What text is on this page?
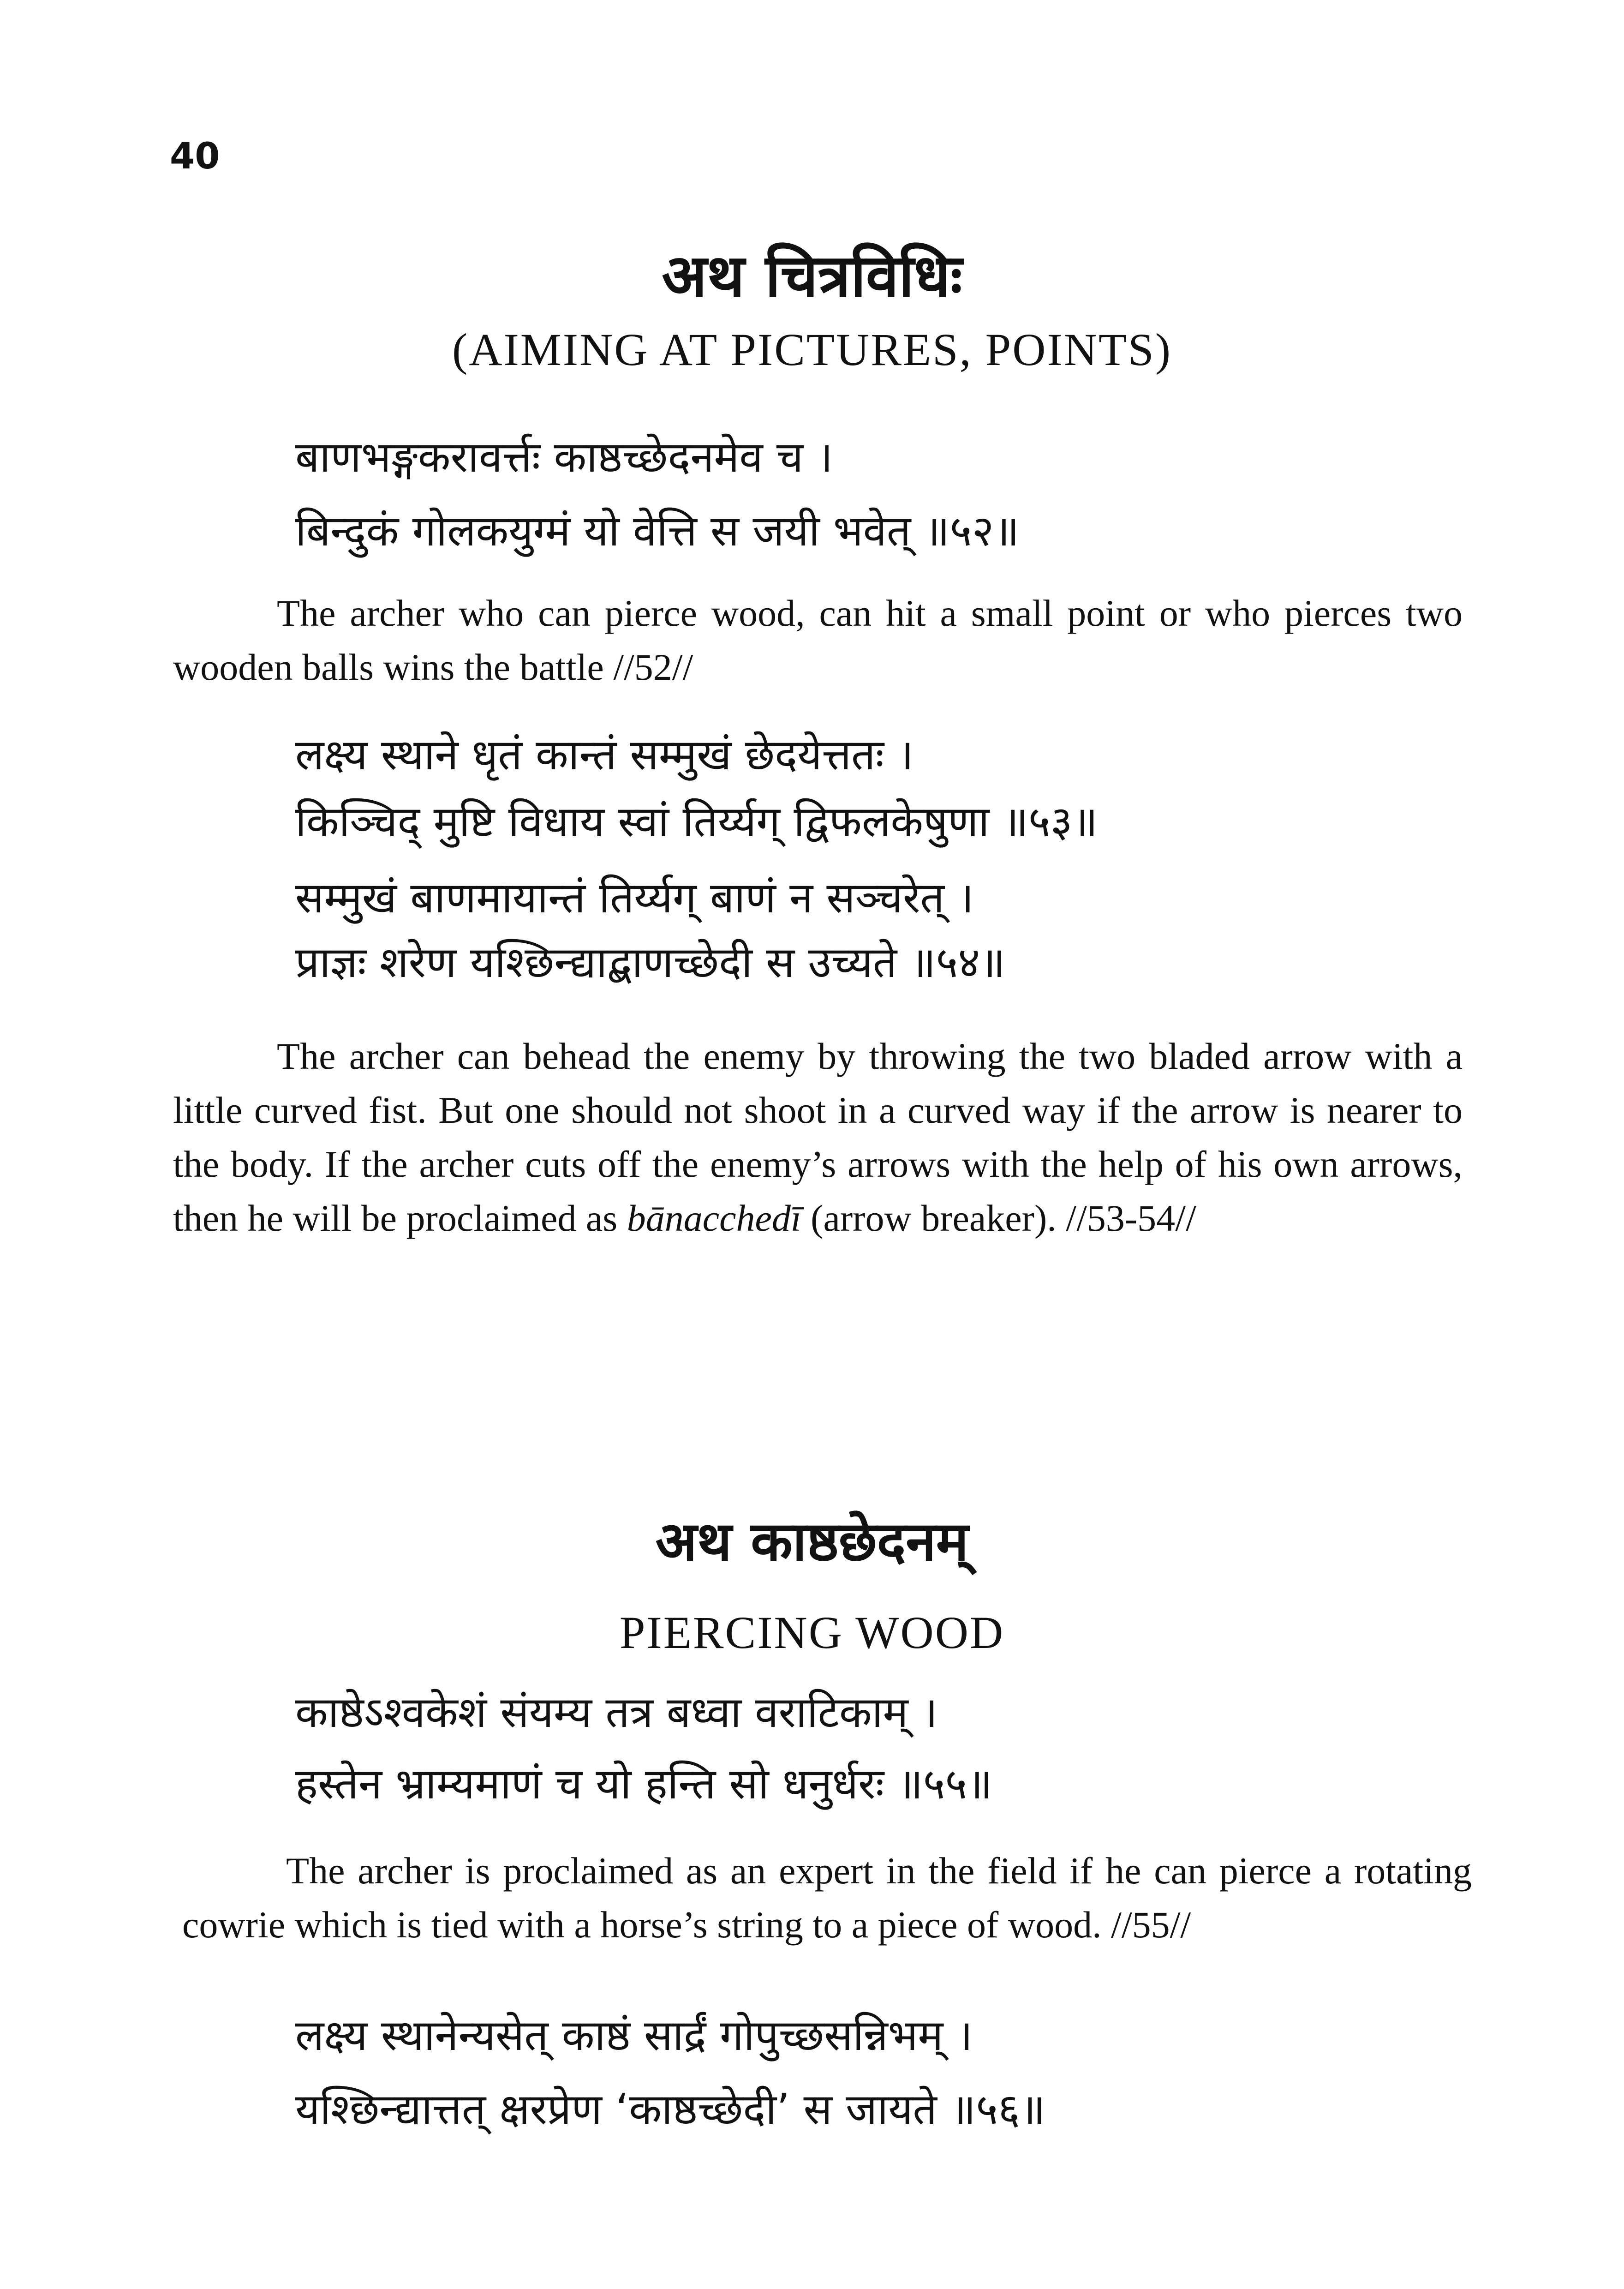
40
अथ चित्रविधिः
(AIMING AT PICTURES, POINTS)
बाणभङ्गकरावर्त्तः काष्ठच्छेदनमेव च ।
बिन्दुकं गोलकयुग्मं यो वेत्ति स जयी भवेत् ॥५२॥
The archer who can pierce wood, can hit a small point or who pierces two wooden balls wins the battle //52//
लक्ष्य स्थाने धृतं कान्तं सम्मुखं छेदयेत्ततः ।
किञ्चिद् मुष्टि विधाय स्वां तिर्य्यग् द्विफलकेषुणा ॥५३॥
सम्मुखं बाणमायान्तं तिर्य्यग् बाणं न सञ्चरेत् ।
प्राज्ञः शरेण यश्छिन्द्याद्बाणच्छेदी स उच्यते ॥५४॥
The archer can behead the enemy by throwing the two bladed arrow with a little curved fist. But one should not shoot in a curved way if the arrow is nearer to the body. If the archer cuts off the enemy’s arrows with the help of his own arrows, then he will be proclaimed as bānacchedī (arrow breaker). //53-54//
अथ काष्ठछेदनम्
PIERCING WOOD
काष्ठेऽश्वकेशं संयम्य तत्र बध्वा वराटिकाम् ।
हस्तेन भ्राम्यमाणं च यो हन्ति सो धनुर्धरः ॥५५॥
The archer is proclaimed as an expert in the field if he can pierce a rotating cowrie which is tied with a horse’s string to a piece of wood. //55//
लक्ष्य स्थानेन्यसेत् काष्ठं सार्द्रं गोपुच्छसन्निभम् ।
यश्छिन्द्यात्तत् क्षरप्रेण ‘काष्ठच्छेदी’ स जायते ॥५६॥
